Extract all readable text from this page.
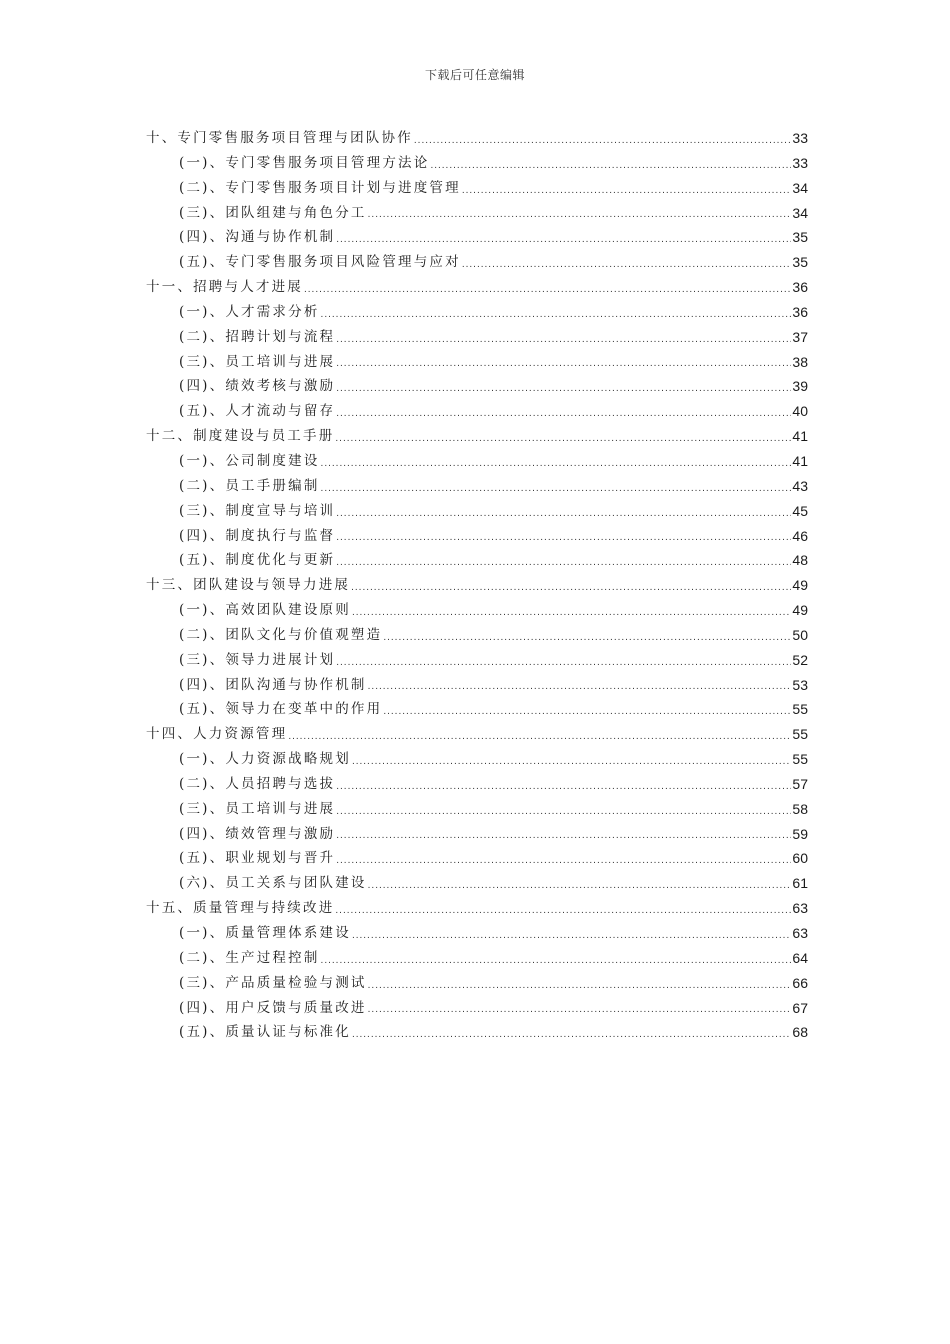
下载后可任意编辑
十、专门零售服务项目管理与团队协作 .....	33
(一)、专门零售服务项目管理方法论 .....	33
(二)、专门零售服务项目计划与进度管理 .....	34
(三)、团队组建与角色分工 .....	34
(四)、沟通与协作机制 .....	35
(五)、专门零售服务项目风险管理与应对 .....	35
十一、招聘与人才进展 .....	36
(一)、人才需求分析 .....	36
(二)、招聘计划与流程 .....	37
(三)、员工培训与进展 .....	38
(四)、绩效考核与激励 .....	39
(五)、人才流动与留存 .....	40
十二、制度建设与员工手册 .....	41
(一)、公司制度建设 .....	41
(二)、员工手册编制 .....	43
(三)、制度宣导与培训 .....	45
(四)、制度执行与监督 .....	46
(五)、制度优化与更新 .....	48
十三、团队建设与领导力进展 .....	49
(一)、高效团队建设原则 .....	49
(二)、团队文化与价值观塑造 .....	50
(三)、领导力进展计划 .....	52
(四)、团队沟通与协作机制 .....	53
(五)、领导力在变革中的作用 .....	55
十四、人力资源管理 .....	55
(一)、人力资源战略规划 .....	55
(二)、人员招聘与选拔 .....	57
(三)、员工培训与进展 .....	58
(四)、绩效管理与激励 .....	59
(五)、职业规划与晋升 .....	60
(六)、员工关系与团队建设 .....	61
十五、质量管理与持续改进 .....	63
(一)、质量管理体系建设 .....	63
(二)、生产过程控制 .....	64
(三)、产品质量检验与测试 .....	66
(四)、用户反馈与质量改进 .....	67
(五)、质量认证与标准化 .....	68
